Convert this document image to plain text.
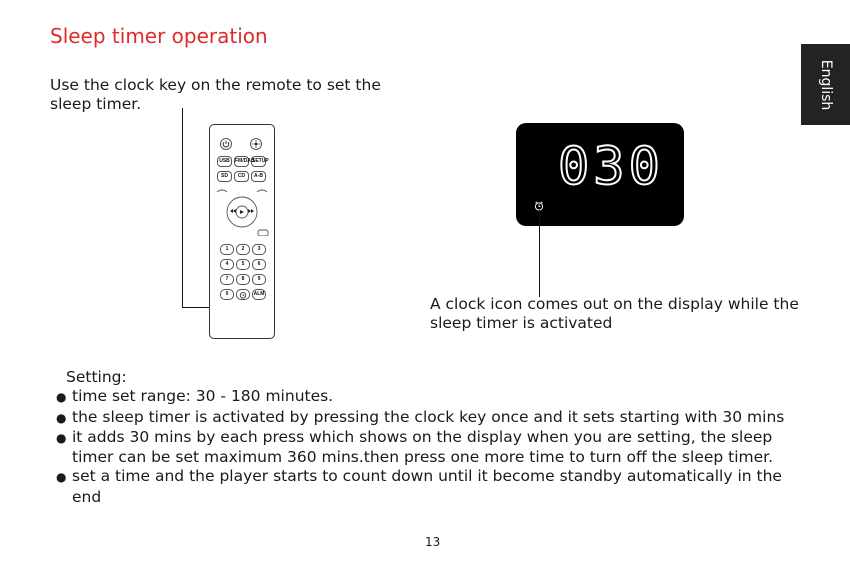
Sleep timer operation
English
Use the clock key on the remote to set the sleep timer.
USB	FM/DAB
SETUP
SD	CD	A-B
1	2	3
4	5	6
7	8	9
0	ALM
030
A clock icon comes out on the display while the sleep timer is activated
Setting:
● time set range: 30 - 180 minutes.
● the sleep timer is activated by pressing the clock key once and it sets starting with 30 mins
● it adds 30 mins by each press which shows on the display when you are setting, the sleep timer can be set maximum 360 mins.then press one more time to turn off the sleep timer.
● set a time and the player starts to count down until it become standby automatically in the end
13
